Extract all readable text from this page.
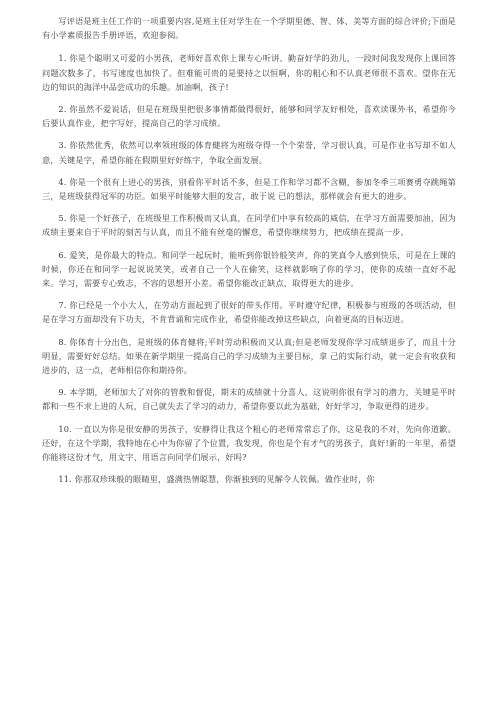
写评语是班主任工作的一项重要内容,是班主任对学生在一个学期里德、智、体、美等方面的综合评价;下面是有小学素质报告手册评语，欢迎参阅。

1. 你是个聪明又可爱的小男孩，老师好喜欢你上课专心听讲、勤奋好学的劲儿，一段时间我发现你上课回答问题次数多了，书写速度也加快了。但难能可贵的是要持之以恒啊，你的粗心和不认真老师很不喜欢。望你在无边的知识的海洋中品尝成功的乐趣。加油啊，孩子!

2. 你虽然不爱说话，但是在班级里把很多事情都做得很好，能够和同学友好相处，喜欢读课外书，希望你今后要认真作业，把字写好，提高自己的学习成绩。

3. 你依然优秀，依然可以率领班级的体育健将为班级夺得一个个荣誉，学习很认真，可是作业书写却不如人意，关键是字，希望你能在假期里好好练字，争取全面发展。

4. 你是一个很有上进心的男孩，别看你平时话不多，但是工作和学习都不含糊，参加冬季三项赛勇夺跳绳第三，是班级获得冠军的功臣。如果平时能够大胆的发言，敢于说 已的想法，那样就会有更大的进步。

5. 你是一个好孩子，在班级里工作积极而又认真，在同学们中享有较高的威信，在学习方面需要加油，因为成绩主要来自于平时的刻苦与认真，而且不能有丝毫的懈怠，希望你继续努力，把成绩在提高一步。

6. 爱笑，是你最大的特点。和同学一起玩时，能听到你银铃般笑声，你的笑真令人感到快乐，可是在上课的时候，你还在和同学一起说说笑笑，或者自己一个人在偷笑，这样就影响了你的学习，使你的成绩一直好不起来。学习，需要专心致志，不容的思想开小差。希望你能改正缺点，取得更大的进步。

7. 你已经是一个小大人，在劳动方面起到了很好的带头作用。平时遵守纪律，积极参与班级的各项活动，但是在学习方面却没有下功夫，不肯背诵和完成作业，希望你能改掉这些缺点，向着更高的目标迈进。

8. 你体育十分出色，是班级的体育健将;平时劳动积极而又认真;但是老师发现你学习成绩退步了，而且十分明显，需要好好总结。如果在新学期里一提高自己的学习成绩为主要目标，拿 己的实际行动，就一定会有收获和进步的，这一点，老师相信你和期待你。

9. 本学期，老师加大了对你的管教和督促，期末的成绩就十分喜人，这说明你很有学习的潜力，关键是平时都和一些不求上进的人玩，自己就失去了学习的动力，希望你要以此为基础，好好学习，争取更得的进步。

10. 一直以为你是很安静的男孩子，安静得让我这个粗心的老师常常忘了你，这是我的不对，先向你道歉。还好，在这个学期，我特地在心中为你留了个位置，我发现，你也是个有才气的男孩子，真好!新的一年里，希望你能将这份才气，用文字、用语言向同学们展示，好吗?

11. 你那双珍珠般的眼睛里，盛满热情聪慧，你渐独到的见解令人钦佩。做作业时，你
